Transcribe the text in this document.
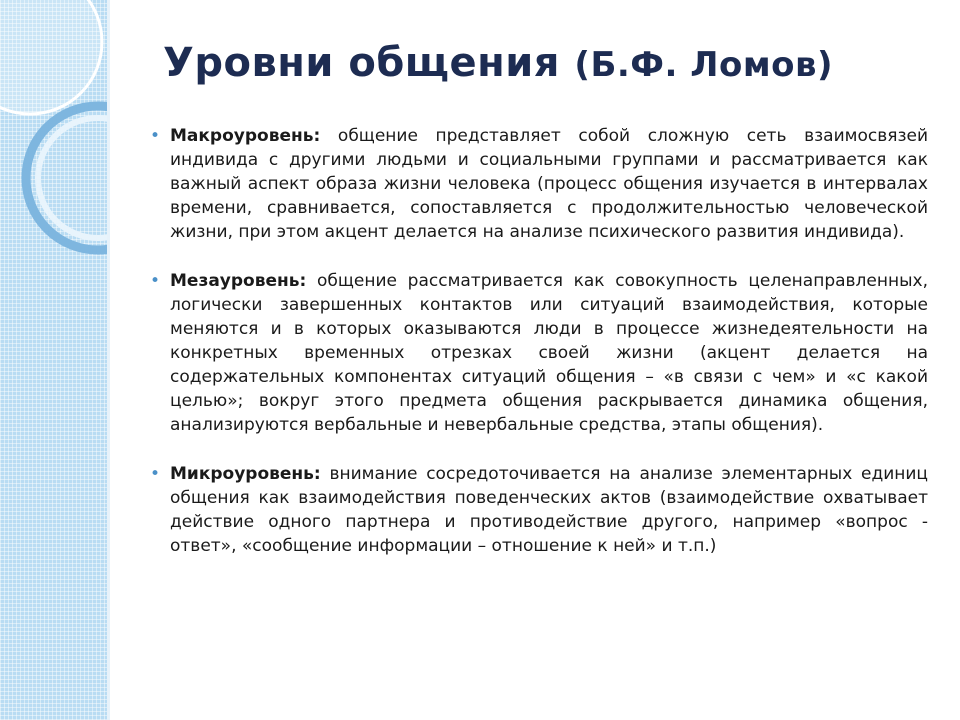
Уровни общения (Б.Ф. Ломов)
• Макроуровень: общение представляет собой сложную сеть взаимосвязей индивида с другими людьми и социальными группами и рассматривается как важный аспект образа жизни человека (процесс общения изучается в интервалах времени, сравнивается, сопоставляется с продолжительностью человеческой жизни, при этом акцент делается на анализе психического развития индивида).
• Мезауровень: общение рассматривается как совокупность целенаправленных, логически завершенных контактов или ситуаций взаимодействия, которые меняются и в которых оказываются люди в процессе жизнедеятельности на конкретных временных отрезках своей жизни (акцент делается на содержательных компонентах ситуаций общения – «в связи с чем» и «с какой целью»; вокруг этого предмета общения раскрывается динамика общения, анализируются вербальные и невербальные средства, этапы общения).
• Микроуровень: внимание сосредоточивается на анализе элементарных единиц общения как взаимодействия поведенческих актов (взаимодействие охватывает действие одного партнера и противодействие другого, например «вопрос - ответ», «сообщение информации – отношение к ней» и т.п.)
